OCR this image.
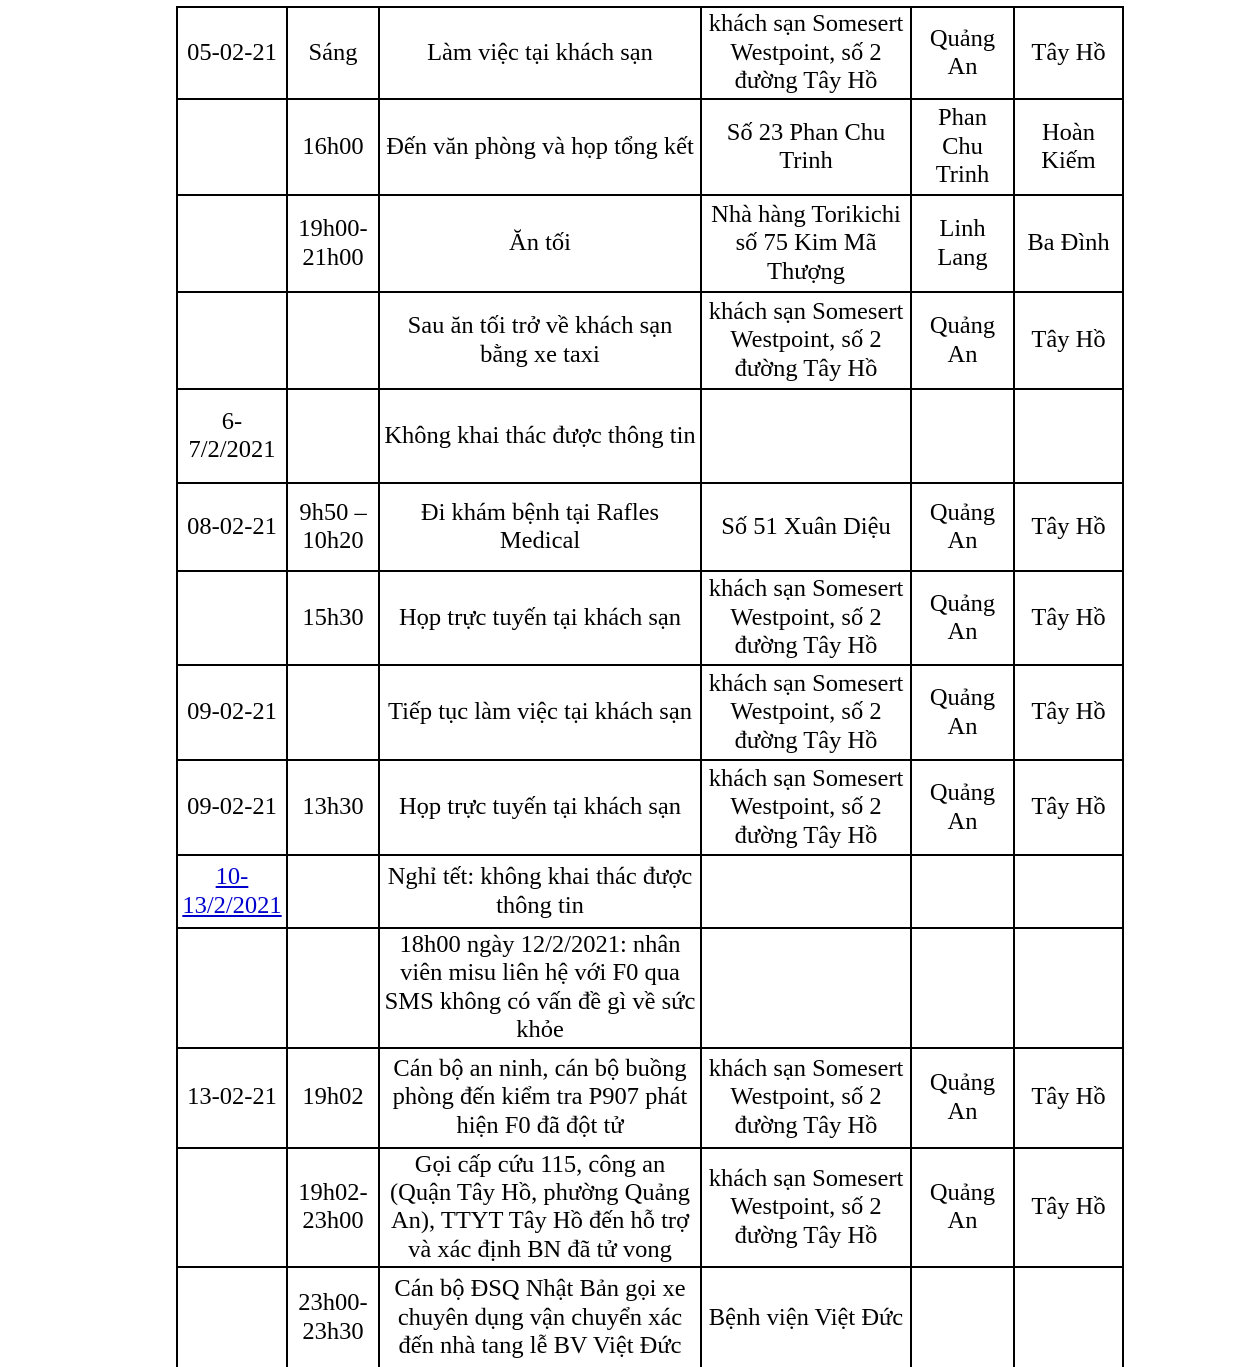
05-02-21	Sáng	Làm việc tại khách sạn	khách sạn Somesert Westpoint, số 2 đường Tây Hồ	Quảng An	Tây Hồ
	16h00	Đến văn phòng và họp tổng kết	Số 23 Phan Chu Trinh	Phan Chu Trinh	Hoàn Kiếm
	19h00-21h00	Ăn tối	Nhà hàng Torikichi số 75 Kim Mã Thượng	Linh Lang	Ba Đình
		Sau ăn tối trở về khách sạn bằng xe taxi	khách sạn Somesert Westpoint, số 2 đường Tây Hồ	Quảng An	Tây Hồ
6-7/2/2021		Không khai thác được thông tin			
08-02-21	9h50 – 10h20	Đi khám bệnh tại Rafles Medical	Số 51 Xuân Diệu	Quảng An	Tây Hồ
	15h30	Họp trực tuyến tại khách sạn	khách sạn Somesert Westpoint, số 2 đường Tây Hồ	Quảng An	Tây Hồ
09-02-21		Tiếp tục làm việc tại khách sạn	khách sạn Somesert Westpoint, số 2 đường Tây Hồ	Quảng An	Tây Hồ
09-02-21	13h30	Họp trực tuyến tại khách sạn	khách sạn Somesert Westpoint, số 2 đường Tây Hồ	Quảng An	Tây Hồ
10-13/2/2021		Nghỉ tết: không khai thác được thông tin			
		18h00 ngày 12/2/2021: nhân viên misu liên hệ với F0 qua SMS không có vấn đề gì về sức khỏe			
13-02-21	19h02	Cán bộ an ninh, cán bộ buồng phòng đến kiểm tra P907 phát hiện F0 đã đột tử	khách sạn Somesert Westpoint, số 2 đường Tây Hồ	Quảng An	Tây Hồ
	19h02-23h00	Gọi cấp cứu 115, công an (Quận Tây Hồ, phường Quảng An), TTYT Tây Hồ đến hỗ trợ và xác định BN đã tử vong	khách sạn Somesert Westpoint, số 2 đường Tây Hồ	Quảng An	Tây Hồ
	23h00-23h30	Cán bộ ĐSQ Nhật Bản gọi xe chuyên dụng vận chuyển xác đến nhà tang lễ BV Việt Đức	Bệnh viện Việt Đức		
